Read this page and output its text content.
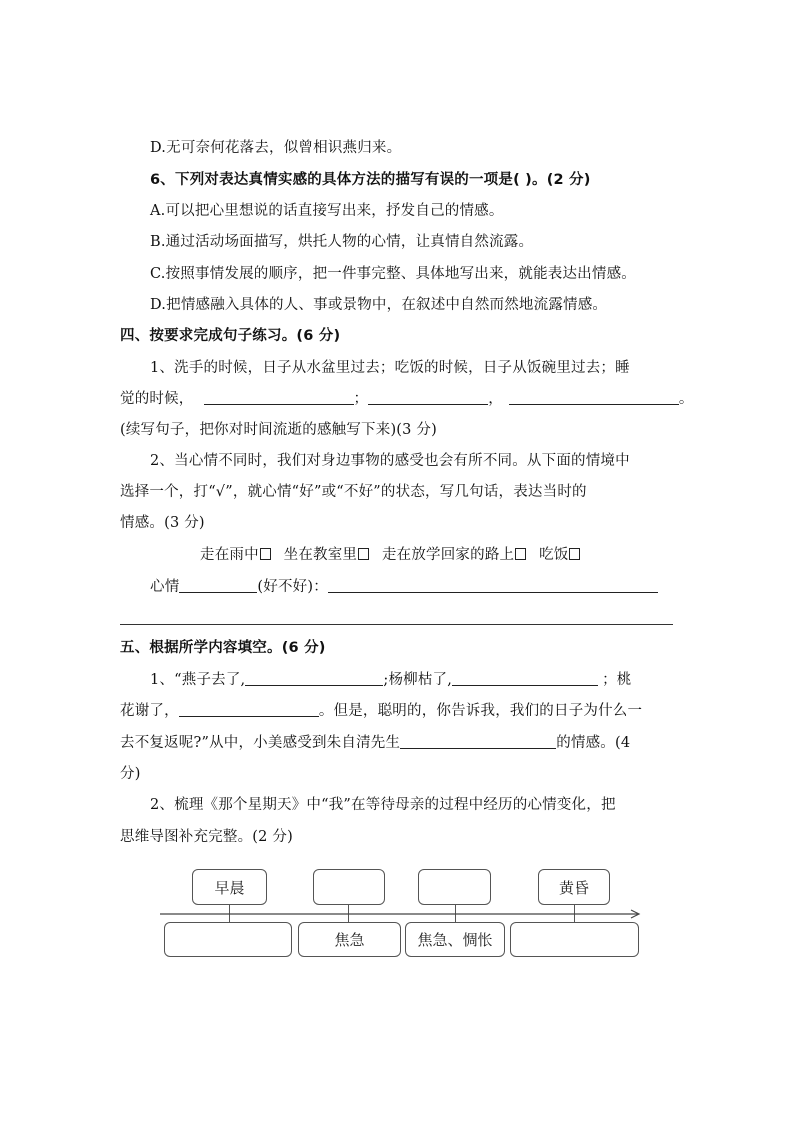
D.无可奈何花落去，似曾相识燕归来。
6、下列对表达真情实感的具体方法的描写有误的一项是( )。(2 分)
A.可以把心里想说的话直接写出来，抒发自己的情感。
B.通过活动场面描写，烘托人物的心情，让真情自然流露。
C.按照事情发展的顺序，把一件事完整、具体地写出来，就能表达出情感。
D.把情感融入具体的人、事或景物中，在叙述中自然而然地流露情感。
四、按要求完成句子练习。(6 分)
1、洗手的时候，日子从水盆里过去；吃饭的时候，日子从饭碗里过去；睡
觉的时候，	；	，	。
(续写句子，把你对时间流逝的感触写下来)(3 分)
2、当心情不同时，我们对身边事物的感受也会有所不同。从下面的情境中
选择一个，打“√”，就心情“好”或“不好”的状态，写几句话，表达当时的
情感。(3 分)
走在雨中 坐在教室里 走在放学回家的路上 吃饭
心情	(好不好)：
五、根据所学内容填空。(6 分)
1、“燕子去了,	;杨柳枯了,	；桃
花谢了，	。但是，聪明的，你告诉我，我们的日子为什么一
去不复返呢?”从中，小美感受到朱自清先生	的情感。(4
分)
2、梳理《那个星期天》中“我”在等待母亲的过程中经历的心情变化，把
思维导图补充完整。(2 分)
早晨	黄昏
焦急	焦急、惆怅
